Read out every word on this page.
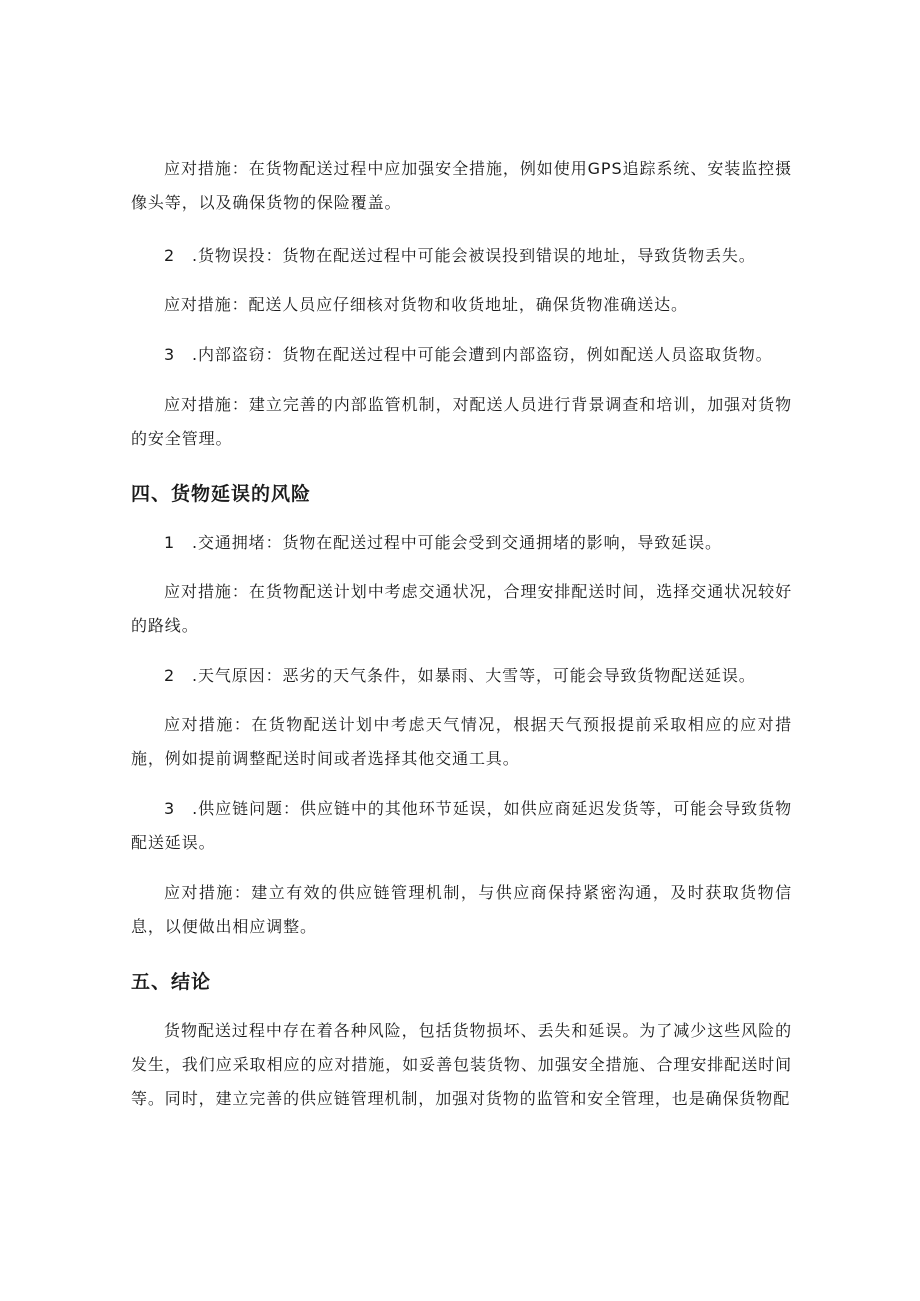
应对措施：在货物配送过程中应加强安全措施，例如使用GPS追踪系统、安装监控摄像头等，以及确保货物的保险覆盖。

2　.货物误投：货物在配送过程中可能会被误投到错误的地址，导致货物丢失。

应对措施：配送人员应仔细核对货物和收货地址，确保货物准确送达。

3　.内部盗窃：货物在配送过程中可能会遭到内部盗窃，例如配送人员盗取货物。

应对措施：建立完善的内部监管机制，对配送人员进行背景调查和培训，加强对货物的安全管理。

四、货物延误的风险

1　.交通拥堵：货物在配送过程中可能会受到交通拥堵的影响，导致延误。

应对措施：在货物配送计划中考虑交通状况，合理安排配送时间，选择交通状况较好的路线。

2　.天气原因：恶劣的天气条件，如暴雨、大雪等，可能会导致货物配送延误。

应对措施：在货物配送计划中考虑天气情况，根据天气预报提前采取相应的应对措施，例如提前调整配送时间或者选择其他交通工具。

3　.供应链问题：供应链中的其他环节延误，如供应商延迟发货等，可能会导致货物配送延误。

应对措施：建立有效的供应链管理机制，与供应商保持紧密沟通，及时获取货物信息，以便做出相应调整。

五、结论

货物配送过程中存在着各种风险，包括货物损坏、丢失和延误。为了减少这些风险的发生，我们应采取相应的应对措施，如妥善包装货物、加强安全措施、合理安排配送时间等。同时，建立完善的供应链管理机制，加强对货物的监管和安全管理，也是确保货物配
